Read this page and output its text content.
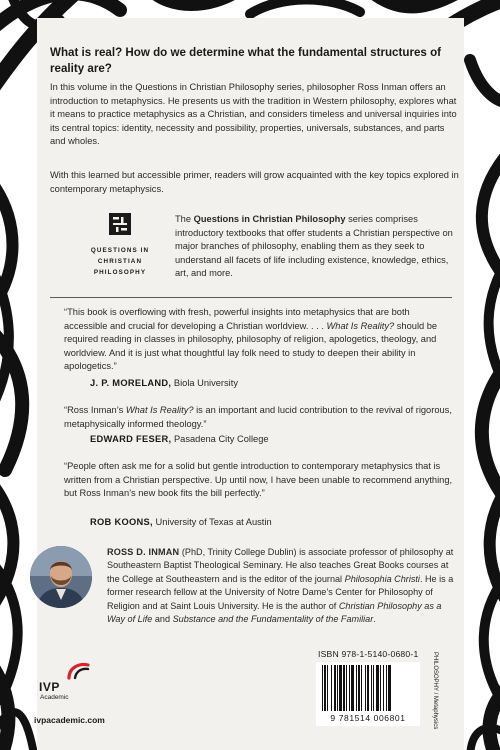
What is real? How do we determine what the fundamental structures of reality are?

In this volume in the Questions in Christian Philosophy series, philosopher Ross Inman offers an introduction to metaphysics. He presents us with the tradition in Western philosophy, explores what it means to practice metaphysics as a Christian, and considers timeless and universal inquiries into its central topics: identity, necessity and possibility, properties, universals, substances, and parts and wholes.

With this learned but accessible primer, readers will grow acquainted with the key topics explored in contemporary metaphysics.

QUESTIONS IN CHRISTIAN PHILOSOPHY

The Questions in Christian Philosophy series comprises introductory textbooks that offer students a Christian perspective on major branches of philosophy, enabling them as they seek to understand all facets of life including existence, knowledge, ethics, art, and more.

“This book is overflowing with fresh, powerful insights into metaphysics that are both accessible and crucial for developing a Christian worldview. . . . What Is Reality? should be required reading in classes in philosophy, philosophy of religion, apologetics, theology, and worldview. And it is just what thoughtful lay folk need to study to deepen their ability in apologetics.”

J. P. MORELAND, Biola University

“Ross Inman’s What Is Reality? is an important and lucid contribution to the revival of rigorous, metaphysically informed theology.”

EDWARD FESER, Pasadena City College

“People often ask me for a solid but gentle introduction to contemporary metaphysics that is written from a Christian perspective. Up until now, I have been unable to recommend anything, but Ross Inman’s new book fits the bill perfectly.”

ROB KOONS, University of Texas at Austin

ROSS D. INMAN (PhD, Trinity College Dublin) is associate professor of philosophy at Southeastern Baptist Theological Seminary. He also teaches Great Books courses at the College at Southeastern and is the editor of the journal Philosophia Christi. He is a former research fellow at the University of Notre Dame’s Center for Philosophy of Religion and at Saint Louis University. He is the author of Christian Philosophy as a Way of Life and Substance and the Fundamentality of the Familiar.

IVP
Academic
ivpacademic.com
ISBN 978-1-5140-0680-1
9 781514 006801	PHILOSOPHY / Metaphysics
